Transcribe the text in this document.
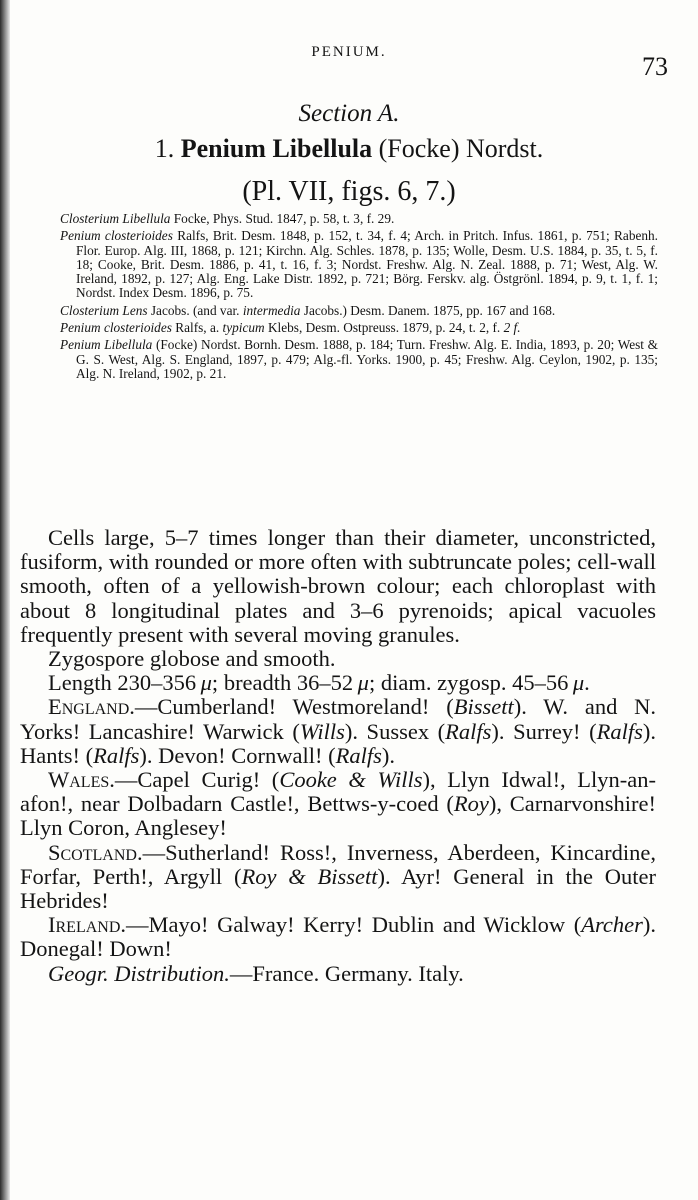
PENIUM.	73
Section A.
1. Penium Libellula (Focke) Nordst.
(Pl. VII, figs. 6, 7.)

Closterium Libellula Focke, Phys. Stud. 1847, p. 58, t. 3, f. 29.

Penium closterioides Ralfs, Brit. Desm. 1848, p. 152, t. 34, f. 4; Arch. in Pritch. Infus. 1861, p. 751; Rabenh. Flor. Europ. Alg. III, 1868, p. 121; Kirchn. Alg. Schles. 1878, p. 135; Wolle, Desm. U.S. 1884, p. 35, t. 5, f. 18; Cooke, Brit. Desm. 1886, p. 41, t. 16, f. 3; Nordst. Freshw. Alg. N. Zeal. 1888, p. 71; West, Alg. W. Ireland, 1892, p. 127; Alg. Eng. Lake Distr. 1892, p. 721; Börg. Ferskv. alg. Östgrönl. 1894, p. 9, t. 1, f. 1; Nordst. Index Desm. 1896, p. 75.

Closterium Lens Jacobs. (and var. intermedia Jacobs.) Desm. Danem. 1875, pp. 167 and 168.

Penium closterioides Ralfs, a. typicum Klebs, Desm. Ostpreuss. 1879, p. 24, t. 2, f. 2 f.

Penium Libellula (Focke) Nordst. Bornh. Desm. 1888, p. 184; Turn. Freshw. Alg. E. India, 1893, p. 20; West & G. S. West, Alg. S. England, 1897, p. 479; Alg.-fl. Yorks. 1900, p. 45; Freshw. Alg. Ceylon, 1902, p. 135; Alg. N. Ireland, 1902, p. 21.

Cells large, 5–7 times longer than their diameter, unconstricted, fusiform, with rounded or more often with subtruncate poles; cell-wall smooth, often of a yellowish-brown colour; each chloroplast with about 8 longitudinal plates and 3–6 pyrenoids; apical vacuoles frequently present with several moving granules.

Zygospore globose and smooth.

Length 230–356  μ; breadth 36–52  μ; diam. zygosp. 45–56  μ.

England.—Cumberland! Westmoreland! (Bissett). W. and N. Yorks! Lancashire! Warwick (Wills). Sussex (Ralfs). Surrey! (Ralfs). Hants! (Ralfs). Devon! Cornwall! (Ralfs).

Wales.—Capel Curig! (Cooke & Wills), Llyn Idwal!, Llyn-an-afon!, near Dolbadarn Castle!, Bettws-y-coed (Roy), Carnarvonshire! Llyn Coron, Anglesey!

Scotland.—Sutherland! Ross!, Inverness, Aberdeen, Kincardine, Forfar, Perth!, Argyll (Roy & Bissett). Ayr! General in the Outer Hebrides!

Ireland.—Mayo! Galway! Kerry! Dublin and Wicklow (Archer). Donegal! Down!

Geogr. Distribution.—France. Germany. Italy.
